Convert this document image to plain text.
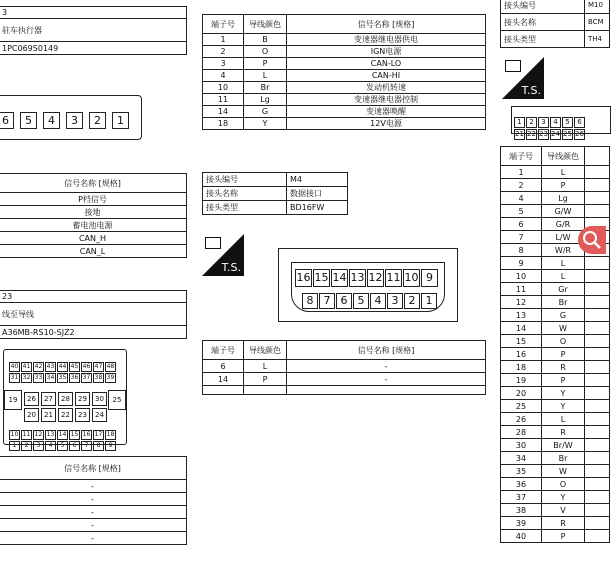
3
驻车执行器
1PC069S0149
6 5 4 3 2 1
信号名称 [规格]
P档信号
接地
蓄电池电源
CAN_H
CAN_L
23
线至导线
A36MB-RS10-SJZ2
40 41 42 43 44 45 46 47 48
31 32 33 34 35 36 37 38 39
26 27 28 29 30
20 21 22 23 24
10 11 12 13 14 15 16 17 18
1 2 3 4 5 6 7 8 9
19	25
信号名称 [规格]
-
-
-
-
-
端子号	导线颜色	信号名称 [规格]
1	B	变速器继电器供电
2	O	IGN电源
3	P	CAN-LO
4	L	CAN-HI
10	Br	发动机转速
11	Lg	变速器继电器控制
14	G	变速器唤醒
18	Y	12V电源
接头编号	M4
接头名称	数据接口
接头类型	BD16FW
T.S.
16 15 14 13 12 11 10 9
8 7 6 5 4 3 2 1
端子号	导线颜色	信号名称 [规格]
6	L	-
14	P	-

接头编号	M10
接头名称	BCM
接头类型	TH4
T.S.
1 2 3 4 5 6
21 22 23 24 25 26
端子号	导线颜色	
1	L	
2	P	
4	Lg	
5	G/W	
6	G/R	
7	L/W	
8	W/R	
9	L	
10	L	
11	Gr	
12	Br	
13	G	
14	W	
15	O	
16	P	
18	R	
19	P	
20	Y	
25	Y	
26	L	
28	R	
30	Br/W	
34	Br	
35	W	
36	O	
37	Y	
38	V	
39	R	
40	P	
